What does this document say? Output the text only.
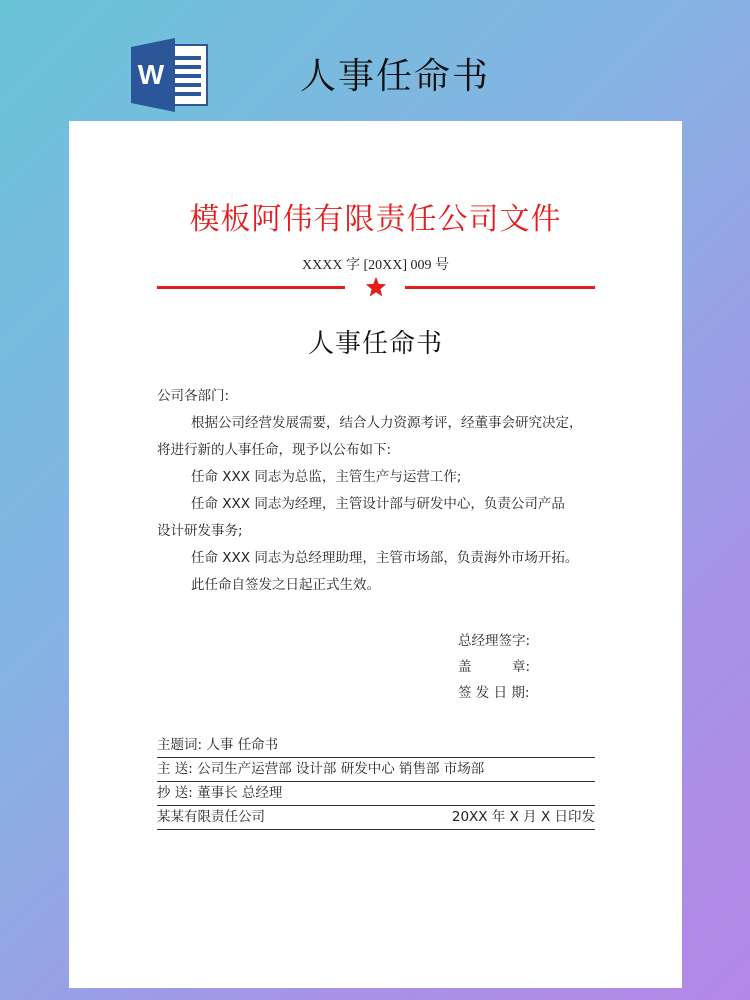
W	人事任命书
模板阿伟有限责任公司文件
XXXX 字 [20XX] 009 号
人事任命书
公司各部门:
根据公司经营发展需要，结合人力资源考评，经董事会研究决定，
将进行新的人事任命，现予以公布如下:
任命 XXX 同志为总监，主管生产与运营工作;
任命 XXX 同志为经理，主管设计部与研发中心，负责公司产品
设计研发事务;
任命 XXX 同志为总经理助理，主管市场部，负责海外市场开拓。
此任命自签发之日起正式生效。
总经理签字:
盖　　　章:
签 发 日 期:
主题词: 人事 任命书
主 送: 公司生产运营部 设计部 研发中心 销售部 市场部
抄 送: 董事长 总经理
某某有限责任公司	20XX 年 X 月 X 日印发
